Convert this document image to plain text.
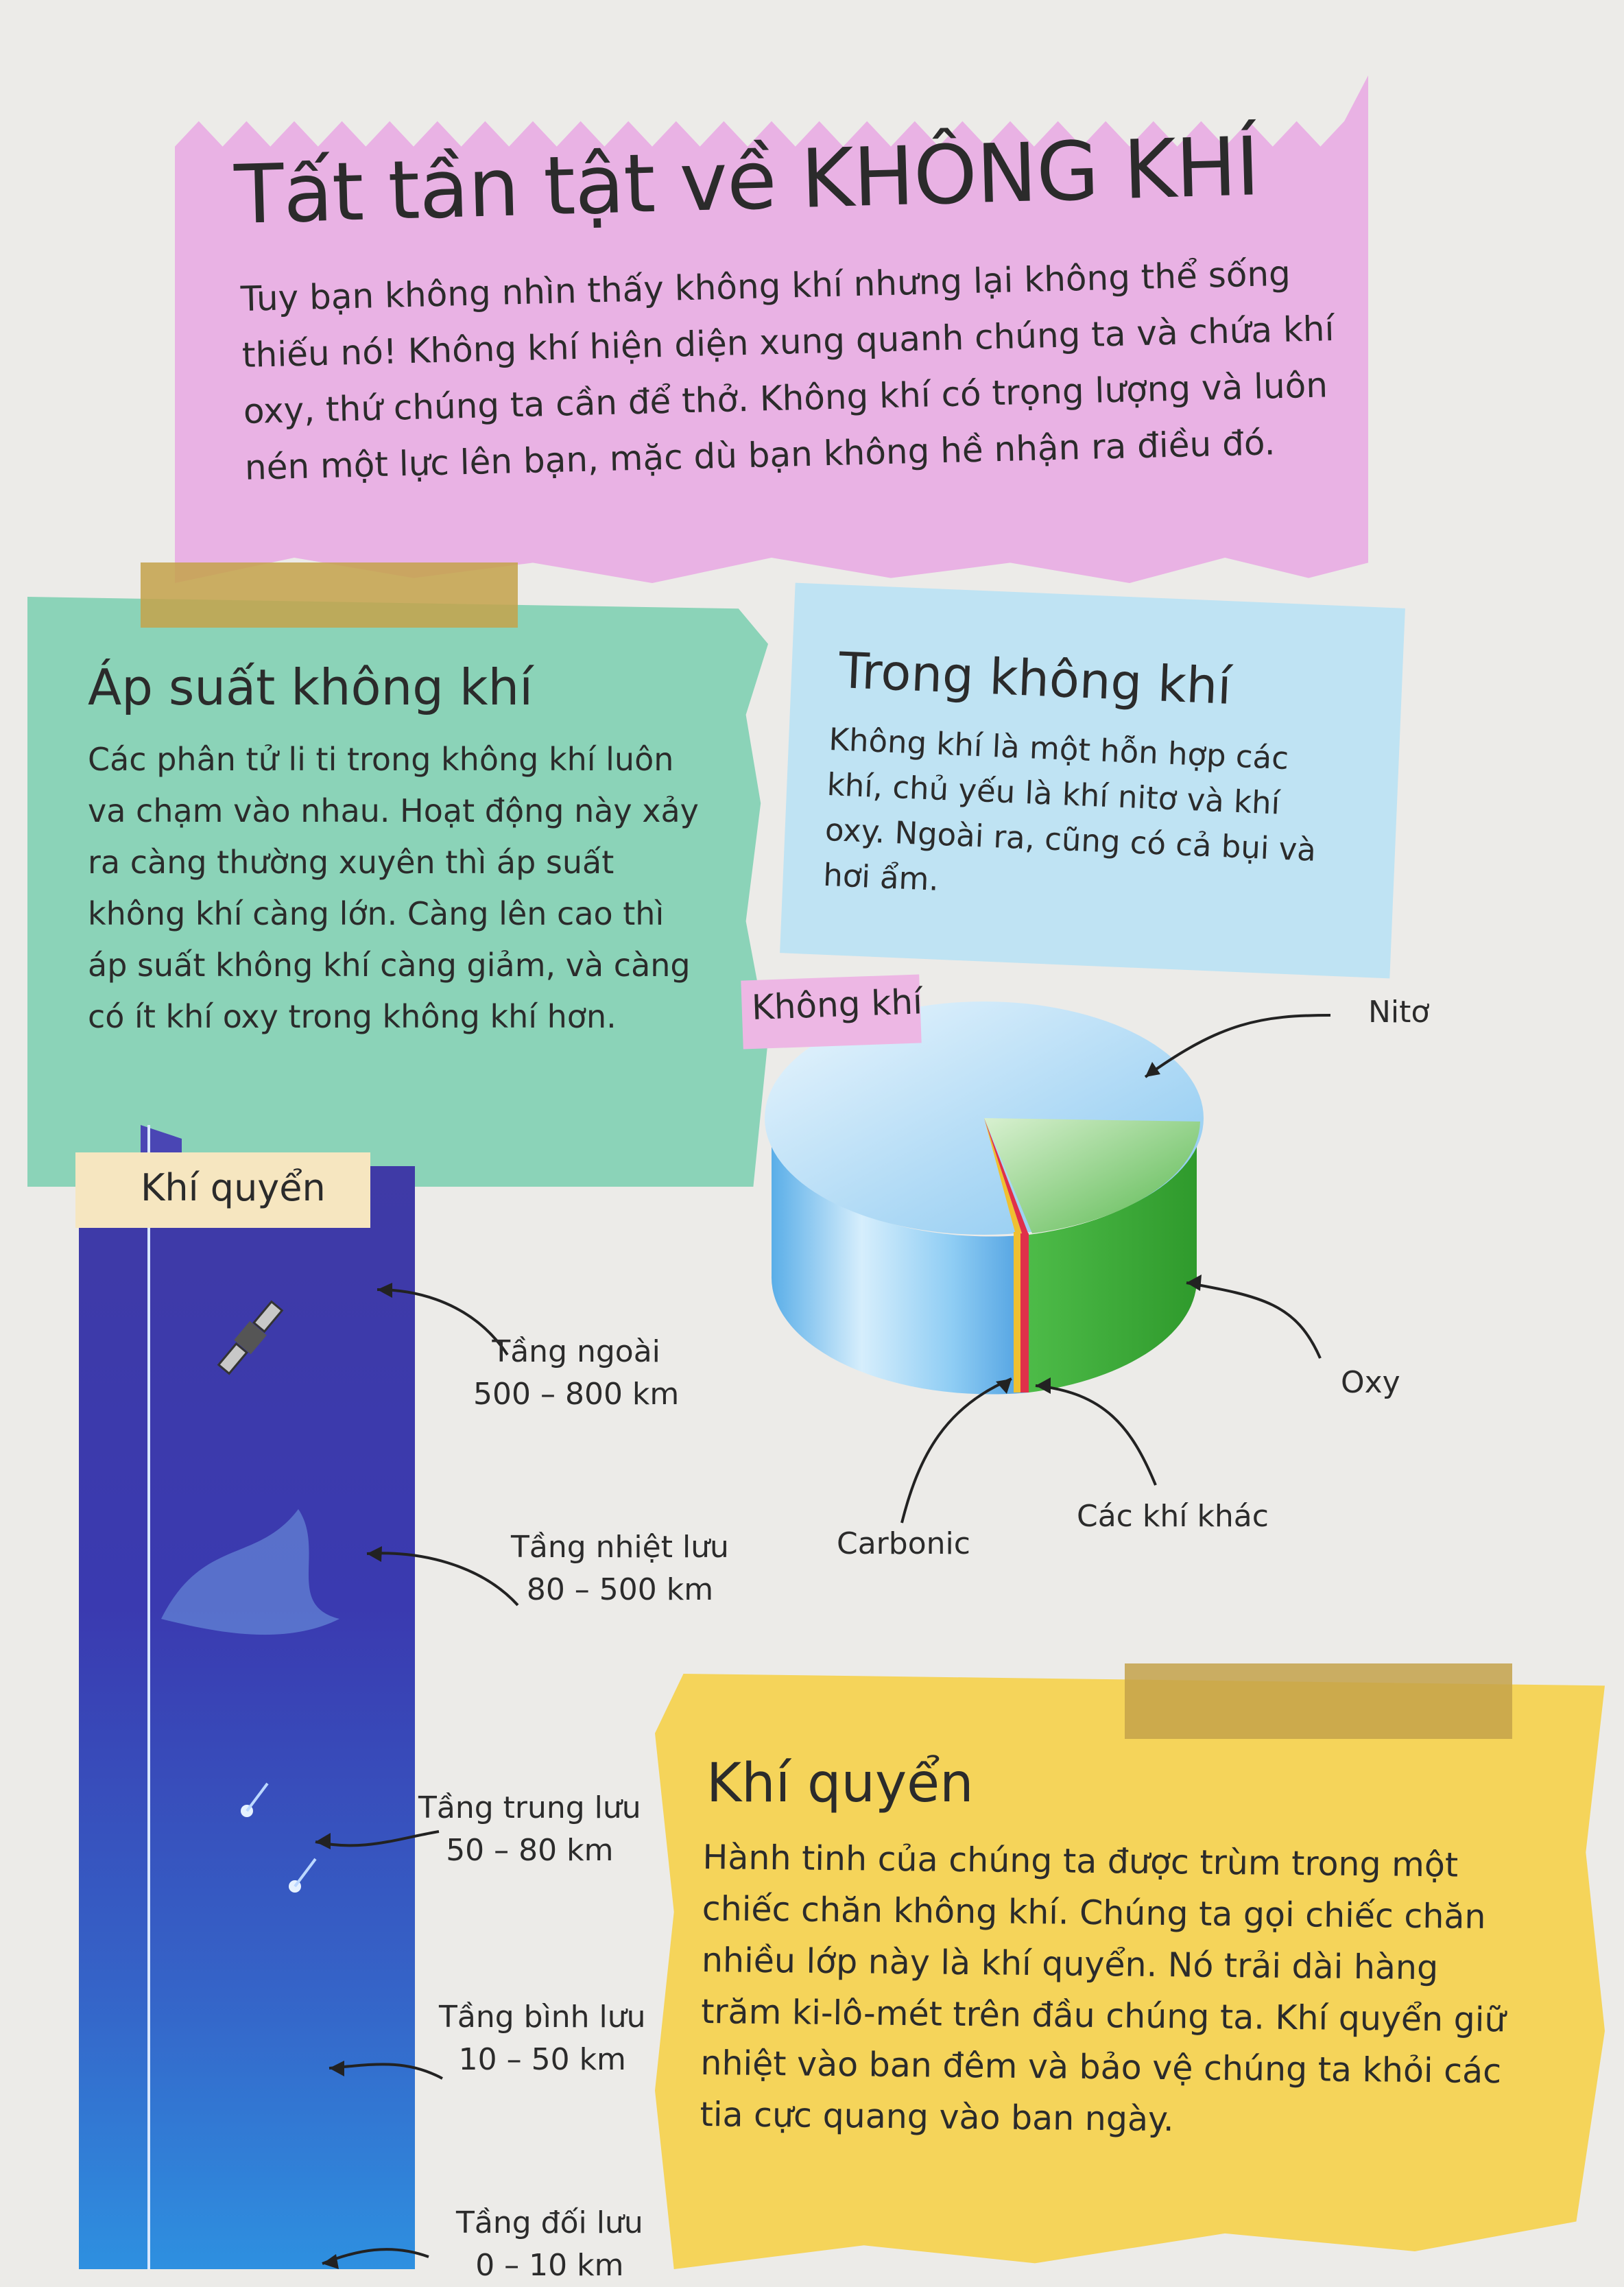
Tất tần tật về KHÔNG KHÍ
Tuy bạn không nhìn thấy không khí nhưng lại không thể sống thiếu nó! Không khí hiện diện xung quanh chúng ta và chứa khí oxy, thứ chúng ta cần để thở. Không khí có trọng lượng và luôn nén một lực lên bạn, mặc dù bạn không hề nhận ra điều đó.
Áp suất không khí
Các phân tử li ti trong không khí luôn va chạm vào nhau. Hoạt động này xảy ra càng thường xuyên thì áp suất không khí càng lớn. Càng lên cao thì áp suất không khí càng giảm, và càng có ít khí oxy trong không khí hơn.
Trong không khí
Không khí là một hỗn hợp các khí, chủ yếu là khí nitơ và khí oxy. Ngoài ra, cũng có cả bụi và hơi ẩm.
Không khí	Nitơ
Oxy
Carbonic
Các khí khác
Khí quyển
Tầng ngoài
500 – 800 km
Tầng nhiệt lưu
80 – 500 km
Tầng trung lưu
50 – 80 km
Tầng bình lưu
10 – 50 km
Tầng đối lưu
0 – 10 km
Khí quyển
Hành tinh của chúng ta được trùm trong một chiếc chăn không khí. Chúng ta gọi chiếc chăn nhiều lớp này là khí quyển. Nó trải dài hàng trăm ki-lô-mét trên đầu chúng ta. Khí quyển giữ nhiệt vào ban đêm và bảo vệ chúng ta khỏi các tia cực quang vào ban ngày.
